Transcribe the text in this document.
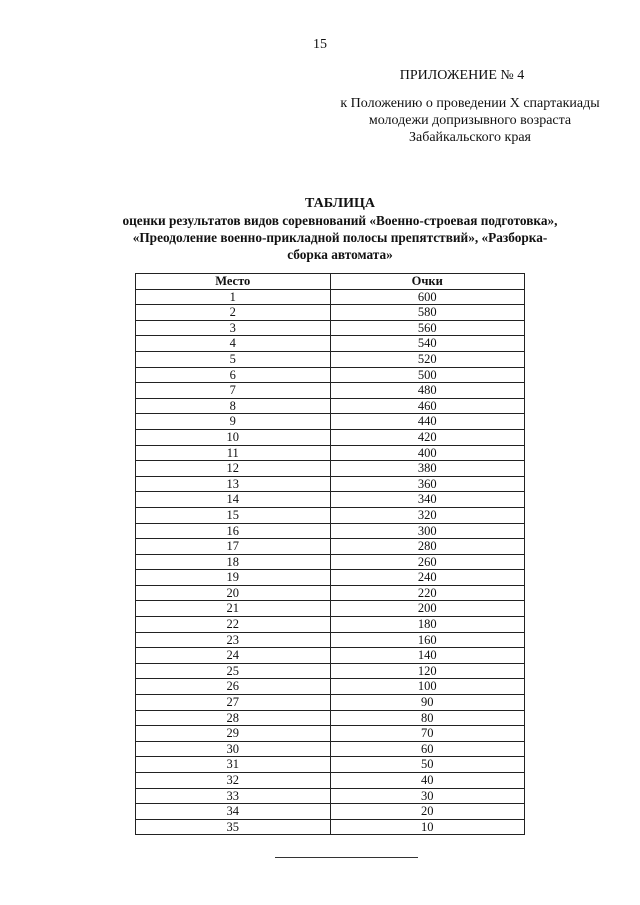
15
ПРИЛОЖЕНИЕ № 4
к Положению о проведении X спартакиады
молодежи допризывного возраста
Забайкальского края
ТАБЛИЦА
оценки результатов видов соревнований «Военно-строевая подготовка»,
«Преодоление военно-прикладной полосы препятствий», «Разборка-
сборка автомата»
Место	Очки
1	600
2	580
3	560
4	540
5	520
6	500
7	480
8	460
9	440
10	420
11	400
12	380
13	360
14	340
15	320
16	300
17	280
18	260
19	240
20	220
21	200
22	180
23	160
24	140
25	120
26	100
27	90
28	80
29	70
30	60
31	50
32	40
33	30
34	20
35	10
